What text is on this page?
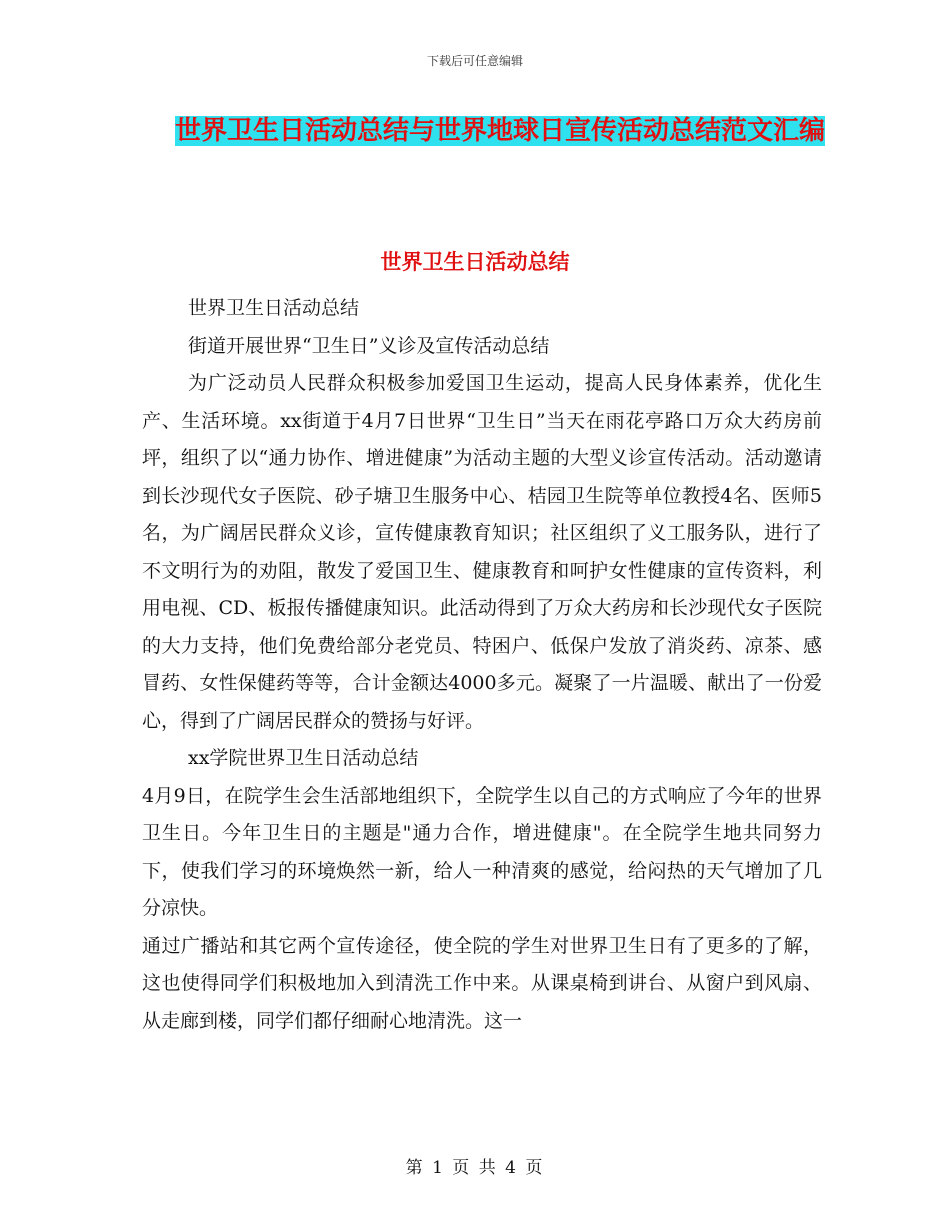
下载后可任意编辑
世界卫生日活动总结与世界地球日宣传活动总结范文汇编
世界卫生日活动总结

世界卫生日活动总结

街道开展世界“卫生日”义诊及宣传活动总结

为广泛动员人民群众积极参加爱国卫生运动，提高人民身体素养，优化生产、生活环境。xx街道于4月7日世界“卫生日”当天在雨花亭路口万众大药房前坪，组织了以“通力协作、增进健康”为活动主题的大型义诊宣传活动。活动邀请到长沙现代女子医院、砂子塘卫生服务中心、桔园卫生院等单位教授4名、医师5名，为广阔居民群众义诊，宣传健康教育知识；社区组织了义工服务队，进行了不文明行为的劝阻，散发了爱国卫生、健康教育和呵护女性健康的宣传资料，利用电视、CD、板报传播健康知识。此活动得到了万众大药房和长沙现代女子医院的大力支持，他们免费给部分老党员、特困户、低保户发放了消炎药、凉茶、感冒药、女性保健药等等，合计金额达4000多元。凝聚了一片温暖、献出了一份爱心，得到了广阔居民群众的赞扬与好评。

xx学院世界卫生日活动总结

4月9日，在院学生会生活部地组织下，全院学生以自己的方式响应了今年的世界卫生日。今年卫生日的主题是"通力合作，增进健康"。在全院学生地共同努力下，使我们学习的环境焕然一新，给人一种清爽的感觉，给闷热的天气增加了几分凉快。

通过广播站和其它两个宣传途径，使全院的学生对世界卫生日有了更多的了解，这也使得同学们积极地加入到清洗工作中来。从课桌椅到讲台、从窗户到风扇、从走廊到楼，同学们都仔细耐心地清洗。这一

第 1 页 共 4 页
